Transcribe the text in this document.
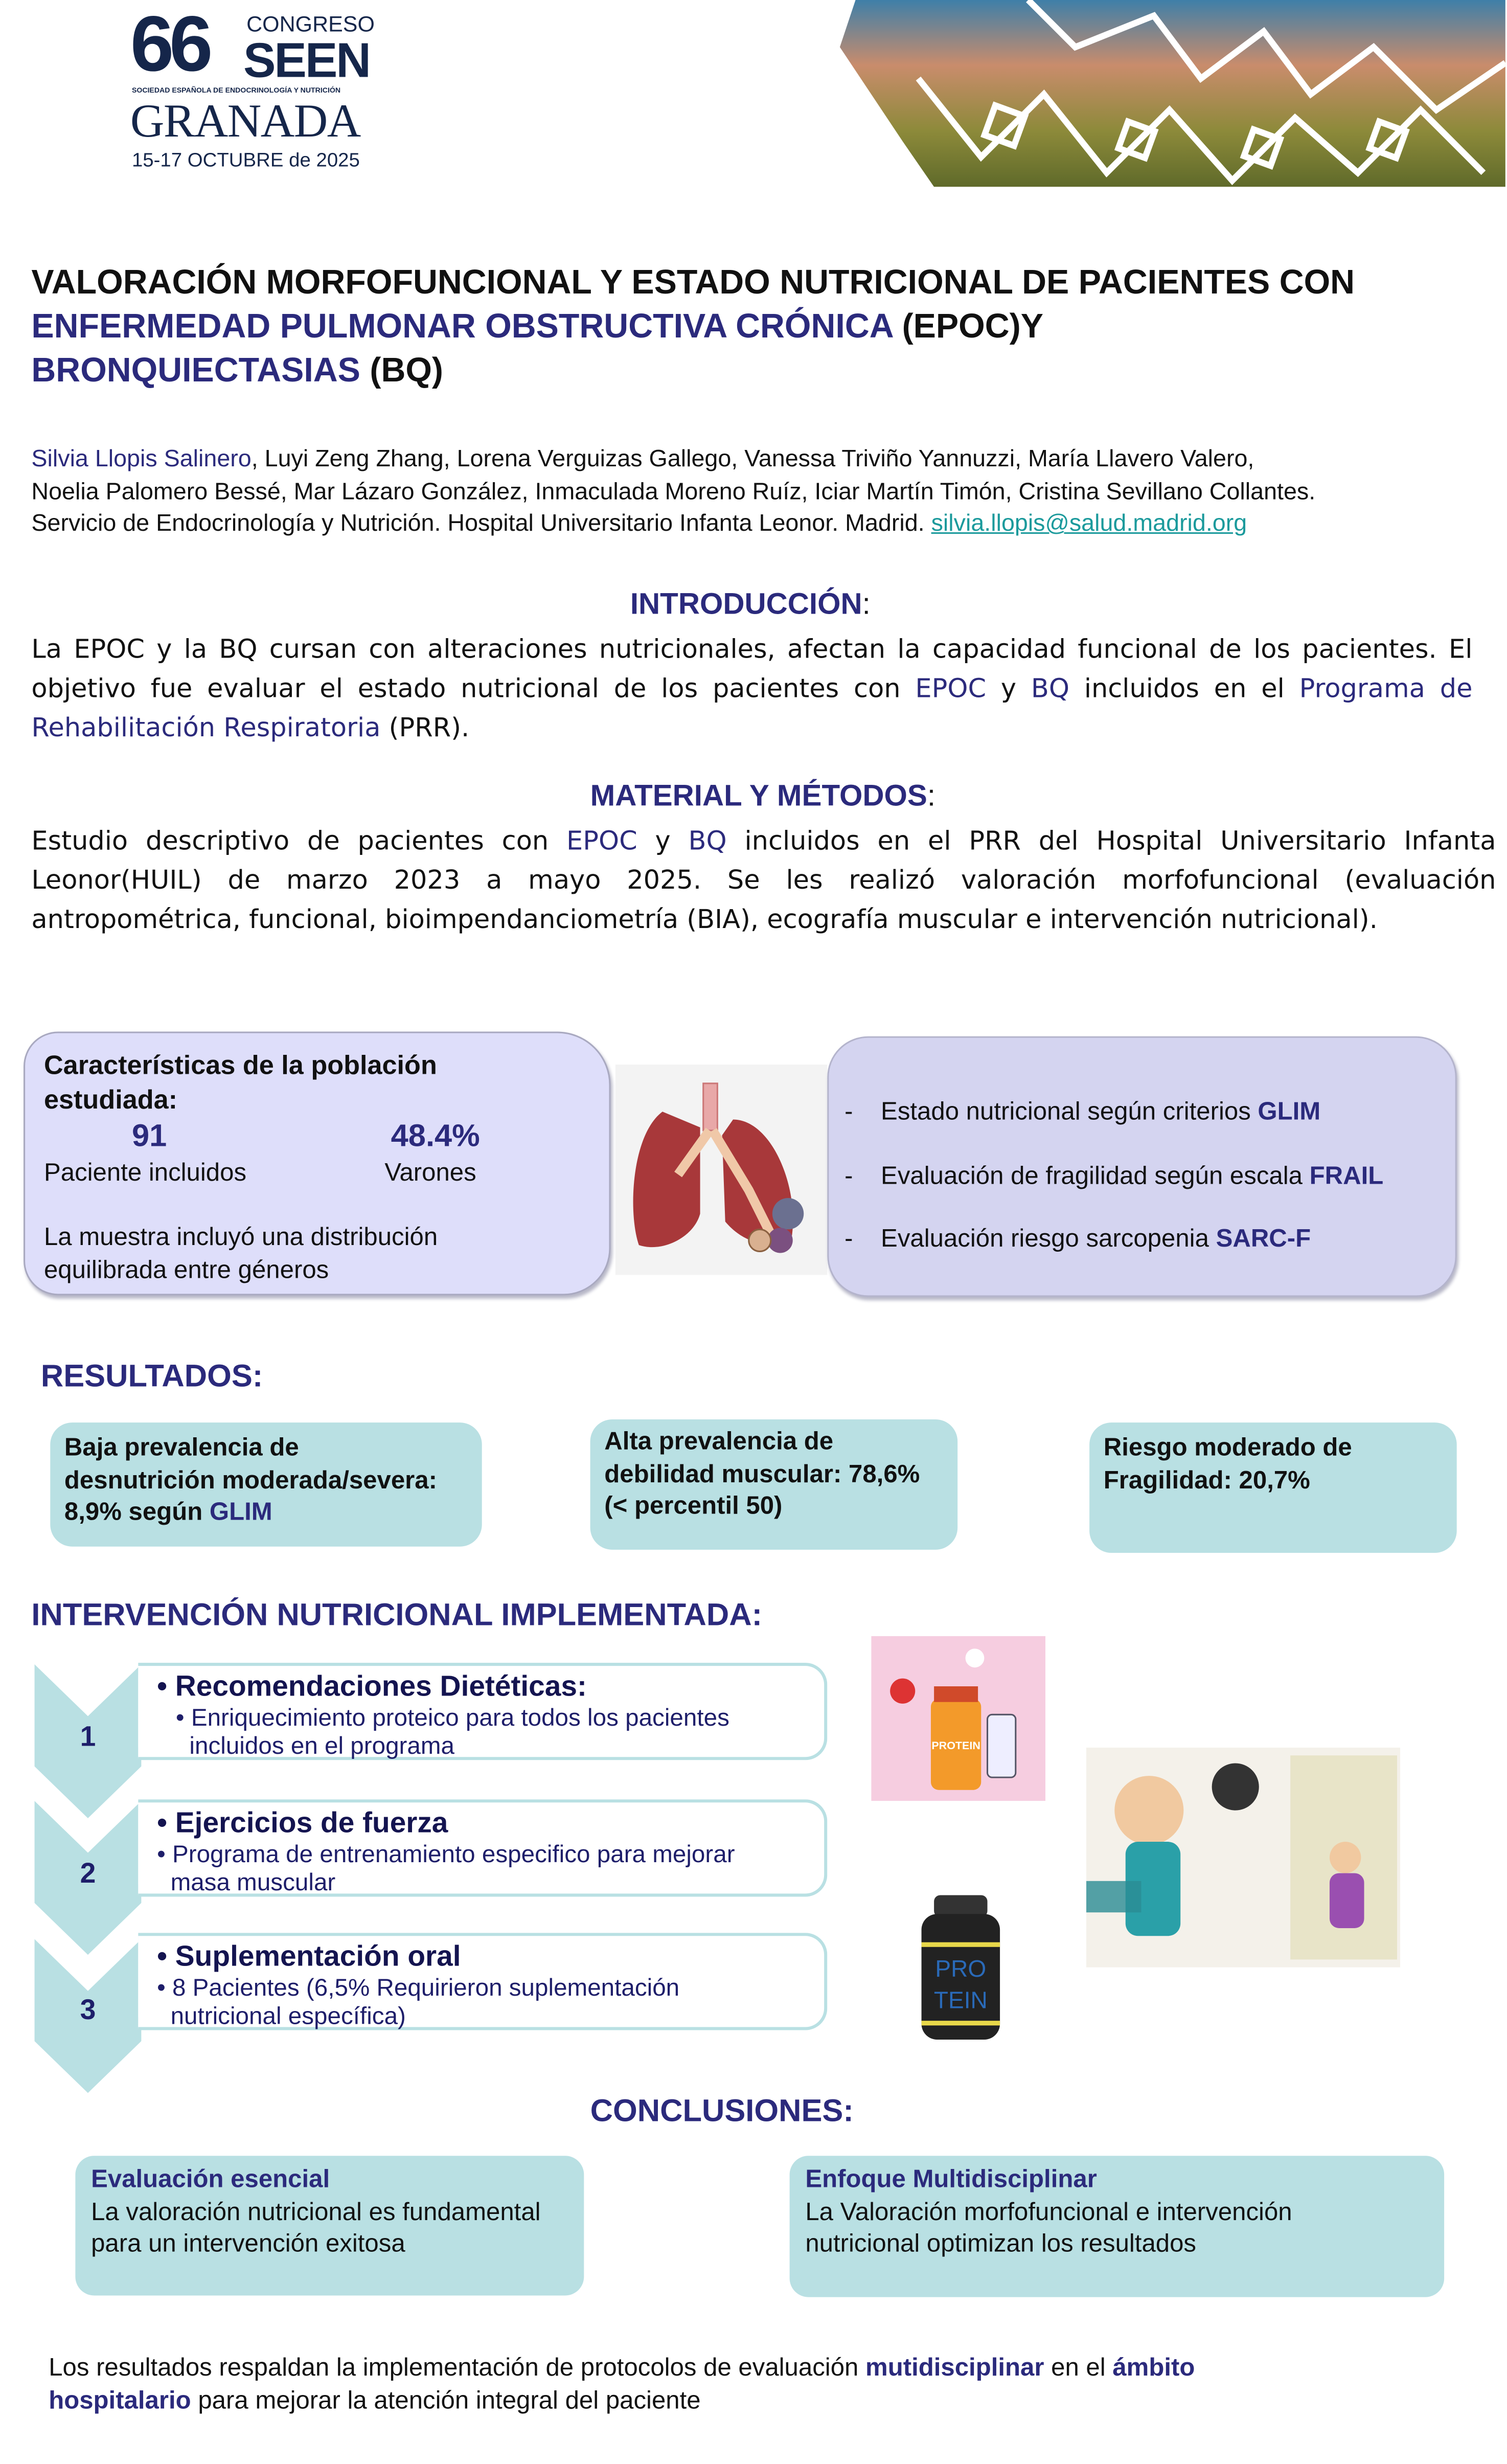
66	CONGRESO
SEEN
SOCIEDAD ESPAÑOLA DE ENDOCRINOLOGÍA Y NUTRICIÓN
GRANADA
15-17 OCTUBRE de 2025
VALORACIÓN MORFOFUNCIONAL Y ESTADO NUTRICIONAL DE PACIENTES CON
ENFERMEDAD PULMONAR OBSTRUCTIVA CRÓNICA (EPOC)Y
BRONQUIECTASIAS (BQ)
Silvia Llopis Salinero, Luyi Zeng Zhang, Lorena Verguizas Gallego, Vanessa Triviño Yannuzzi, María Llavero Valero,
Noelia Palomero Bessé, Mar Lázaro González, Inmaculada Moreno Ruíz, Iciar Martín Timón, Cristina Sevillano Collantes.
Servicio de Endocrinología y Nutrición. Hospital Universitario Infanta Leonor. Madrid. silvia.llopis@salud.madrid.org
INTRODUCCIÓN:
La EPOC y la BQ cursan con alteraciones nutricionales, afectan la capacidad funcional de los pacientes. El
objetivo fue evaluar el estado nutricional de los pacientes con EPOC y BQ incluidos en el Programa de
Rehabilitación Respiratoria (PRR).
MATERIAL Y MÉTODOS:
Estudio descriptivo de pacientes con EPOC y BQ incluidos en el PRR del Hospital Universitario Infanta
Leonor(HUIL) de marzo 2023 a mayo 2025. Se les realizó valoración morfofuncional (evaluación
antropométrica, funcional, bioimpendanciometría (BIA), ecografía muscular e intervención nutricional).
Características de la población
estudiada:
91
Paciente incluidos
48.4%
Varones
La muestra incluyó una distribución
equilibrada entre géneros
-    Estado nutricional según criterios GLIM
-    Evaluación de fragilidad según escala FRAIL
-    Evaluación riesgo sarcopenia SARC-F
RESULTADOS:
Baja prevalencia de
desnutrición moderada/severa:
8,9% según GLIM
Alta prevalencia de
debilidad muscular: 78,6%
(< percentil 50)
Riesgo moderado de
Fragilidad: 20,7%
INTERVENCIÓN NUTRICIONAL IMPLEMENTADA:
1
2
3
• Recomendaciones Dietéticas:
• Enriquecimiento proteico para todos los pacientes
incluidos en el programa
• Ejercicios de fuerza
• Programa de entrenamiento especifico para mejorar
masa muscular
• Suplementación oral
• 8 Pacientes (6,5% Requirieron suplementación
nutricional específica)
PROTEIN
PRO
TEIN
CONCLUSIONES:
Evaluación esencial
La valoración nutricional es fundamental
para un intervención exitosa
Enfoque Multidisciplinar
La Valoración morfofuncional e intervención
nutricional optimizan los resultados
Los resultados respaldan la implementación de protocolos de evaluación mutidisciplinar en el ámbito
hospitalario para mejorar la atención integral del paciente
